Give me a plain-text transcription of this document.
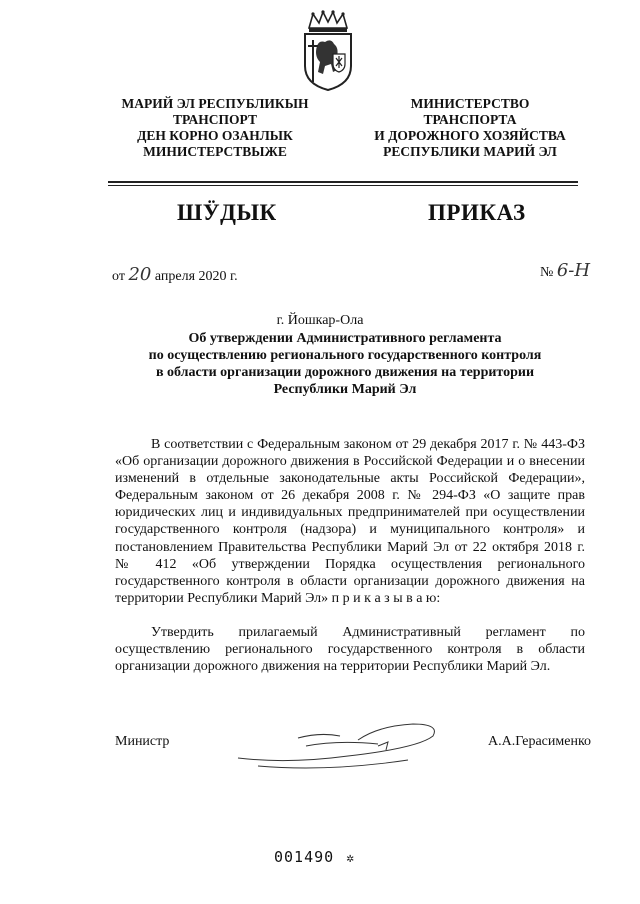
МАРИЙ ЭЛ РЕСПУБЛИКЫН
ТРАНСПОРТ
ДЕН КОРНО ОЗАНЛЫК
МИНИСТЕРСТВЫЖЕ
МИНИСТЕРСТВО
ТРАНСПОРТА
И ДОРОЖНОГО ХОЗЯЙСТВА
РЕСПУБЛИКИ МАРИЙ ЭЛ
ШӰДЫК	ПРИКАЗ
от 20 апреля 2020 г.	№ 6-Н
г. Йошкар-Ола
Об утверждении Административного регламента
по осуществлению регионального государственного контроля
в области организации дорожного движения на территории
Республики Марий Эл

В соответствии с Федеральным законом от 29 декабря 2017 г. № 443-ФЗ «Об организации дорожного движения в Российской Федерации и о внесении изменений в отдельные законодательные акты Российской Федерации», Федеральным законом от 26 декабря 2008 г. № 294-ФЗ «О защите прав юридических лиц и индивидуальных предпринимателей при осуществлении государственного контроля (надзора) и муниципального контроля» и постановлением Правительства Республики Марий Эл от 22 октября 2018 г. № 412 «Об утверждении Порядка осуществления регионального государственного контроля в области организации дорожного движения на территории Республики Марий Эл» п р и к а з ы в а ю:

Утвердить прилагаемый Административный регламент по осуществлению регионального государственного контроля в области организации дорожного движения на территории Республики Марий Эл.

Министр	А.А.Герасименко
001490 ✲
